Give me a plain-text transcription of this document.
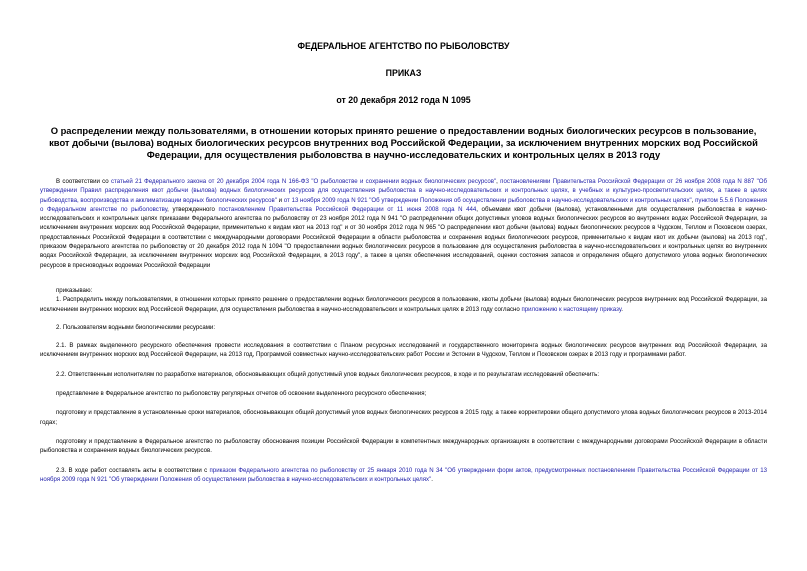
ФЕДЕРАЛЬНОЕ АГЕНТСТВО ПО РЫБОЛОВСТВУ
ПРИКАЗ
от 20 декабря 2012 года N 1095
О распределении между пользователями, в отношении которых принято решение о предоставлении водных биологических ресурсов в пользование, квот добычи (вылова) водных биологических ресурсов внутренних вод Российской Федерации, за исключением внутренних морских вод Российской Федерации, для осуществления рыболовства в научно-исследовательских и контрольных целях в 2013 году

В соответствии со статьей 21 Федерального закона от 20 декабря 2004 года N 166-ФЗ "О рыболовстве и сохранении водных биологических ресурсов", постановлениями Правительства Российской Федерации от 26 ноября 2008 года N 887 "Об утверждении Правил распределения квот добычи (вылова) водных биологических ресурсов для осуществления рыболовства в научно-исследовательских и контрольных целях, в учебных и культурно-просветительских целях, а также в целях рыбоводства, воспроизводства и акклиматизации водных биологических ресурсов" и от 13 ноября 2009 года N 921 "Об утверждении Положения об осуществлении рыболовства в научно-исследовательских и контрольных целях", пунктом 5.5.6 Положения о Федеральном агентстве по рыболовству, утвержденного постановлением Правительства Российской Федерации от 11 июня 2008 года N 444, объемами квот добычи (вылова), установленными для осуществления рыболовства в научно-исследовательских и контрольных целях приказами Федерального агентства по рыболовству от 23 ноября 2012 года N 941 "О распределении общих допустимых уловов водных биологических ресурсов во внутренних водах Российской Федерации, за исключением внутренних морских вод Российской Федерации, применительно к видам квот на 2013 год" и от 30 ноября 2012 года N 965 "О распределении квот добычи (вылова) водных биологических ресурсов в Чудском, Теплом и Псковском озерах, предоставленных Российской Федерации в соответствии с международными договорами Российской Федерации в области рыболовства и сохранения водных биологических ресурсов, применительно к видам квот их добычи (вылова) на 2013 год", приказом Федерального агентства по рыболовству от 20 декабря 2012 года N 1094 "О предоставлении водных биологических ресурсов в пользование для осуществления рыболовства в научно-исследовательских и контрольных целях во внутренних водах Российской Федерации, за исключением внутренних морских вод Российской Федерации, в 2013 году", а также в целях обеспечения исследований, оценки состояния запасов и определения общего допустимого улова водных биологических ресурсов в пресноводных водоемах Российской Федерации

приказываю:

1. Распределить между пользователями, в отношении которых принято решение о предоставлении водных биологических ресурсов в пользование, квоты добычи (вылова) водных биологических ресурсов внутренних вод Российской Федерации, за исключением внутренних морских вод Российской Федерации, для осуществления рыболовства в научно-исследовательских и контрольных целях в 2013 году согласно приложению к настоящему приказу.

2. Пользователям водными биологическими ресурсами:

2.1. В рамках выделенного ресурсного обеспечения провести исследования в соответствии с Планом ресурсных исследований и государственного мониторинга водных биологических ресурсов внутренних вод Российской Федерации, за исключением внутренних морских вод Российской Федерации, на 2013 год, Программой совместных научно-исследовательских работ России и Эстонии в Чудском, Теплом и Псковском озерах в 2013 году и программами работ.

2.2. Ответственным исполнителям по разработке материалов, обосновывающих общий допустимый улов водных биологических ресурсов, в ходе и по результатам исследований обеспечить:

представление в Федеральное агентство по рыболовству регулярных отчетов об освоении выделенного ресурсного обеспечения;

подготовку и представление в установленные сроки материалов, обосновывающих общий допустимый улов водных биологических ресурсов в 2015 году, а также корректировки общего допустимого улова водных биологических ресурсов в 2013-2014 годах;

подготовку и представление в Федеральное агентство по рыболовству обоснования позиции Российской Федерации в компетентных международных организациях в соответствии с международными договорами Российской Федерации в области рыболовства и сохранения водных биологических ресурсов.

2.3. В ходе работ составлять акты в соответствии с приказом Федерального агентства по рыболовству от 25 января 2010 года N 34 "Об утверждении форм актов, предусмотренных постановлением Правительства Российской Федерации от 13 ноября 2009 года N 921 "Об утверждении Положения об осуществлении рыболовства в научно-исследовательских и контрольных целях".
